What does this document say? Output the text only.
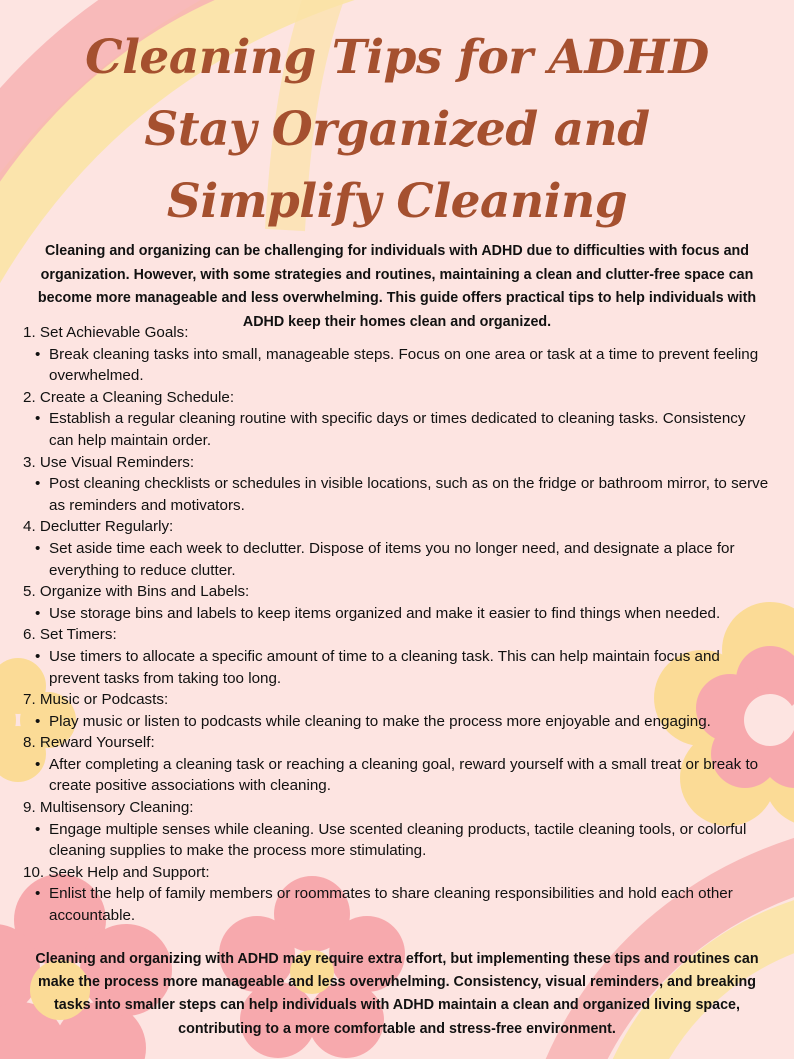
Cleaning Tips for ADHD
Stay Organized and
Simplify Cleaning

Cleaning and organizing can be challenging for individuals with ADHD due to difficulties with focus and organization. However, with some strategies and routines, maintaining a clean and clutter-free space can become more manageable and less overwhelming. This guide offers practical tips to help individuals with ADHD keep their homes clean and organized.

1. Set Achievable Goals:

• Break cleaning tasks into small, manageable steps. Focus on one area or task at a time to prevent feeling overwhelmed.

2. Create a Cleaning Schedule:

• Establish a regular cleaning routine with specific days or times dedicated to cleaning tasks. Consistency can help maintain order.

3. Use Visual Reminders:

• Post cleaning checklists or schedules in visible locations, such as on the fridge or bathroom mirror, to serve as reminders and motivators.

4. Declutter Regularly:

• Set aside time each week to declutter. Dispose of items you no longer need, and designate a place for everything to reduce clutter.

5. Organize with Bins and Labels:

• Use storage bins and labels to keep items organized and make it easier to find things when needed.

6. Set Timers:

• Use timers to allocate a specific amount of time to a cleaning task. This can help maintain focus and prevent tasks from taking too long.

7. Music or Podcasts:

• Play music or listen to podcasts while cleaning to make the process more enjoyable and engaging.

8. Reward Yourself:

• After completing a cleaning task or reaching a cleaning goal, reward yourself with a small treat or break to create positive associations with cleaning.

9. Multisensory Cleaning:

• Engage multiple senses while cleaning. Use scented cleaning products, tactile cleaning tools, or colorful cleaning supplies to make the process more stimulating.

10. Seek Help and Support:

• Enlist the help of family members or roommates to share cleaning responsibilities and hold each other accountable.

Cleaning and organizing with ADHD may require extra effort, but implementing these tips and routines can make the process more manageable and less overwhelming. Consistency, visual reminders, and breaking tasks into smaller steps can help individuals with ADHD maintain a clean and organized living space, contributing to a more comfortable and stress-free environment.
